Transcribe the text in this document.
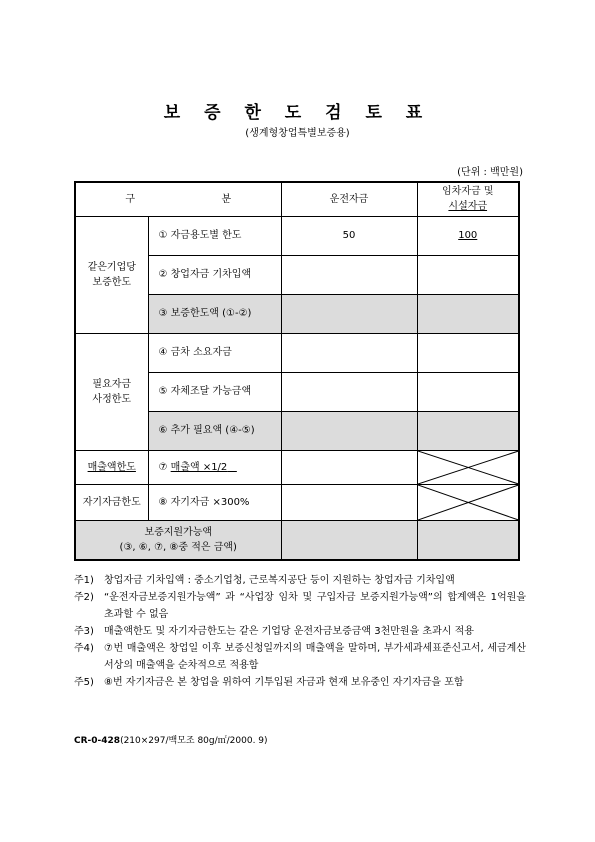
보 증 한 도 검 토 표
(생계형창업특별보증용)
(단위 : 백만원)
구 분		운전자금	임차자금 및
시설자금

같은기업당
보증한도	① 자금용도별 한도	50	100
	② 창업자금 기차입액		
	③ 보증한도액 (①-②)		

필요자금
사정한도	④ 금차 소요자금		
	⑤ 자체조달 가능금액		
	⑥ 추가 필요액 (④-⑤)		
매출액한도	⑦ 매출액 ×1/2		

자기자금한도	⑧ 자기자금 ×300%		

보증지원가능액
(③, ⑥, ⑦, ⑧중 적은 금액)			

주1)	창업자금 기차입액 : 중소기업청, 근로복지공단 등이 지원하는 창업자금 기차입액
주2)	“운전자금보증지원가능액” 과 “사업장 임차 및 구입자금 보증지원가능액”의 합계액은 1억원을 초과할 수 없음
주3)	매출액한도 및 자기자금한도는 같은 기업당 운전자금보증금액 3천만원을 초과시 적용
주4)	⑦번 매출액은 창업일 이후 보증신청일까지의 매출액을 말하며, 부가세과세표준신고서, 세금계산서상의 매출액을 순차적으로 적용함
주5)	⑧번 자기자금은 본 창업을 위하여 기투입된 자금과 현재 보유중인 자기자금을 포함
CR-0-428(210×297/백모조 80g/㎡/2000. 9)
